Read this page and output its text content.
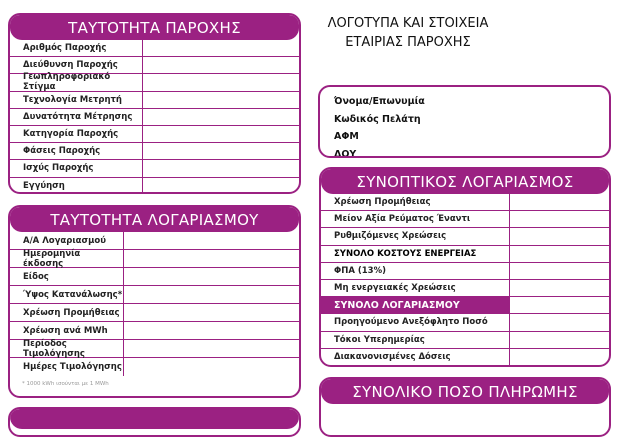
ΛΟΓΟΤΥΠΑ ΚΑΙ ΣΤΟΙΧΕΙΑ
ΕΤΑΙΡΙΑΣ ΠΑΡΟΧΗΣ
ΤΑΥΤΟΤΗΤΑ ΠΑΡΟΧΗΣ
Αριθμός Παροχής
Διεύθυνση Παροχής
Γεωπληροφοριακό Στίγμα
Τεχνολογία Μετρητή
Δυνατότητα Μέτρησης
Κατηγορία Παροχής
Φάσεις Παροχής
Ισχύς Παροχής
Εγγύηση
ΤΑΥΤΟΤΗΤΑ ΛΟΓΑΡΙΑΣΜΟΥ
Α/Α Λογαριασμού
Ημερομηνία έκδοσης
Είδος
Ύψος Κατανάλωσης*
Χρέωση Προμήθειας
Χρέωση ανά MWh
Περίοδος Τιμολόγησης
Ημέρες Τιμολόγησης
* 1000 kWh ισούνται με 1 MWh
Όνομα/Επωνυμία
Κωδικός Πελάτη
ΑΦΜ
ΔΟΥ
ΣΥΝΟΠΤΙΚΟΣ ΛΟΓΑΡΙΑΣΜΟΣ
Χρέωση Προμήθειας
Μείον Αξία Ρεύματος Έναντι
Ρυθμιζόμενες Χρεώσεις
ΣΥΝΟΛΟ ΚΟΣΤΟΥΣ ΕΝΕΡΓΕΙΑΣ
ΦΠΑ (13%)
Μη ενεργειακές Χρεώσεις
ΣΥΝΟΛΟ ΛΟΓΑΡΙΑΣΜΟΥ
Προηγούμενο Ανεξόφλητο Ποσό
Τόκοι Υπερημερίας
Διακανονισμένες Δόσεις
ΣΥΝΟΛΙΚΟ ΠΟΣΟ ΠΛΗΡΩΜΗΣ
